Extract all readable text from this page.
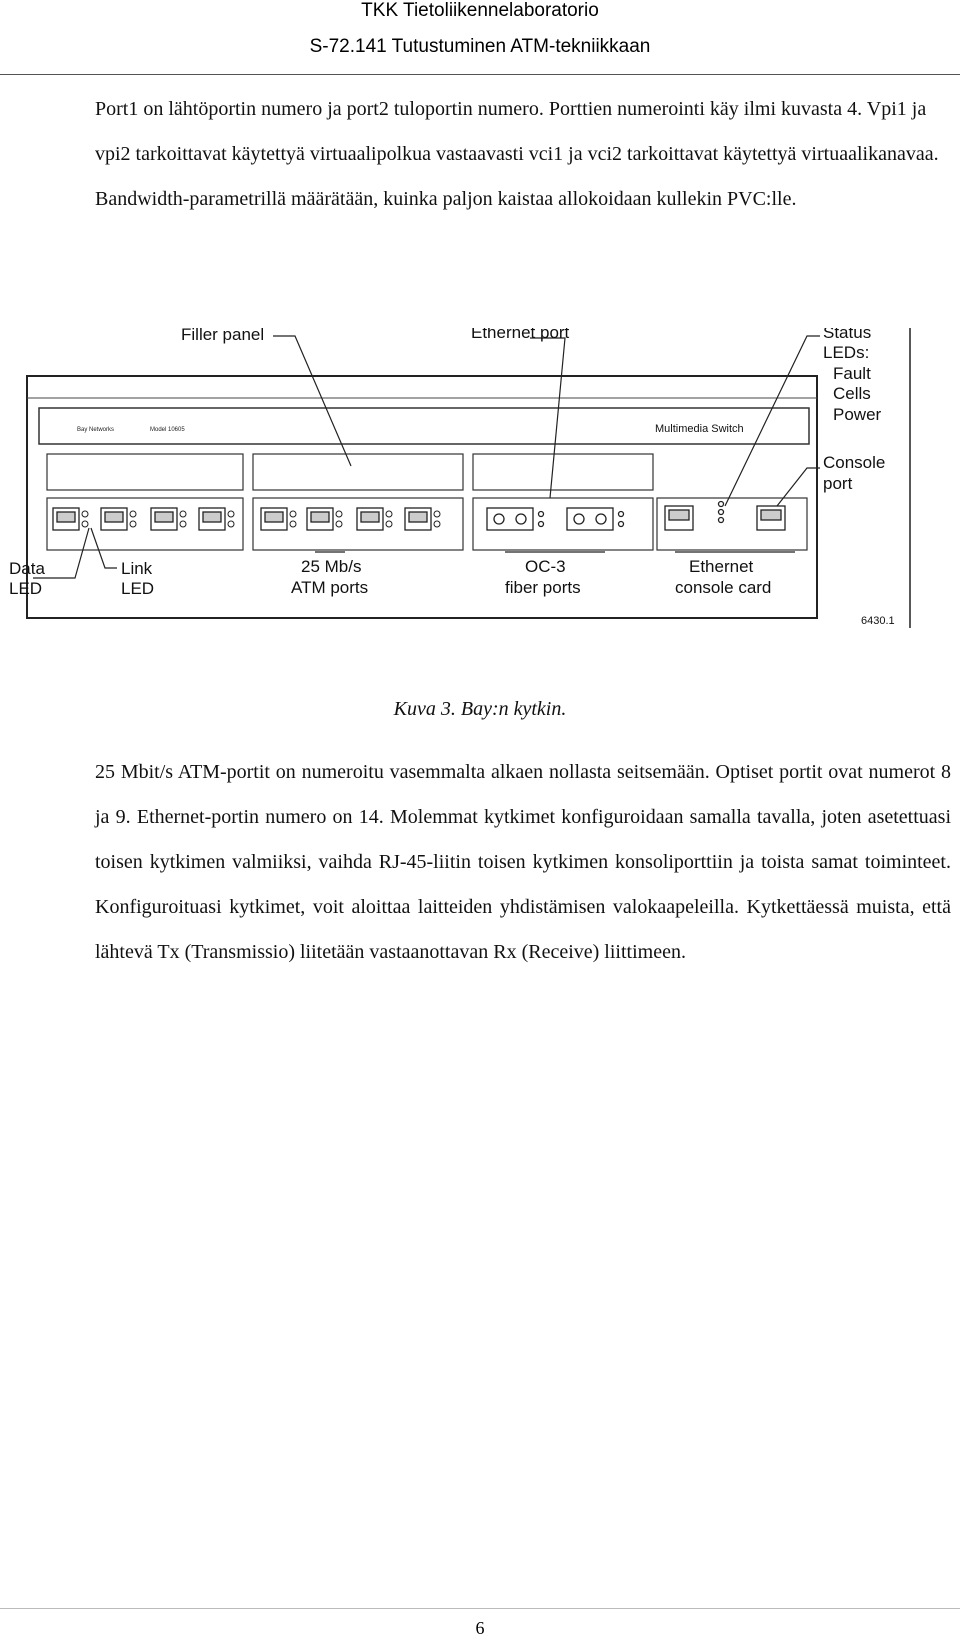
TKK Tietoliikennelaboratorio
S-72.141 Tutustuminen ATM-tekniikkaan
Port1 on lähtöportin numero ja port2 tuloportin numero. Porttien numerointi käy ilmi kuvasta 4. Vpi1 ja vpi2 tarkoittavat käytettyä virtuaalipolkua vastaavasti vci1 ja vci2 tarkoittavat käytettyä virtuaalikanavaa. Bandwidth-parametrillä määrätään, kuinka paljon kaistaa allokoidaan kullekin PVC:lle.
Bay Networks	Model 10605	Multimedia Switch
Filler panel	Ethernet port	Status
LEDs:
Fault
Cells
Power
Console
port
Data
LED
Link
LED
25 Mb/s
ATM ports
OC-3
fiber ports
Ethernet
console card
6430.1
Kuva 3. Bay:n kytkin.
25 Mbit/s ATM-portit on numeroitu vasemmalta alkaen nollasta seitsemään. Optiset portit ovat numerot 8 ja 9. Ethernet-portin numero on 14. Molemmat kytkimet konfiguroidaan samalla tavalla, joten asetettuasi toisen kytkimen valmiiksi, vaihda RJ-45-liitin toisen kytkimen konsoliporttiin ja toista samat toiminteet. Konfiguroituasi kytkimet, voit aloittaa laitteiden yhdistämisen valokaapeleilla. Kytkettäessä muista, että lähtevä Tx (Transmissio) liitetään vastaanottavan Rx (Receive) liittimeen.
6
